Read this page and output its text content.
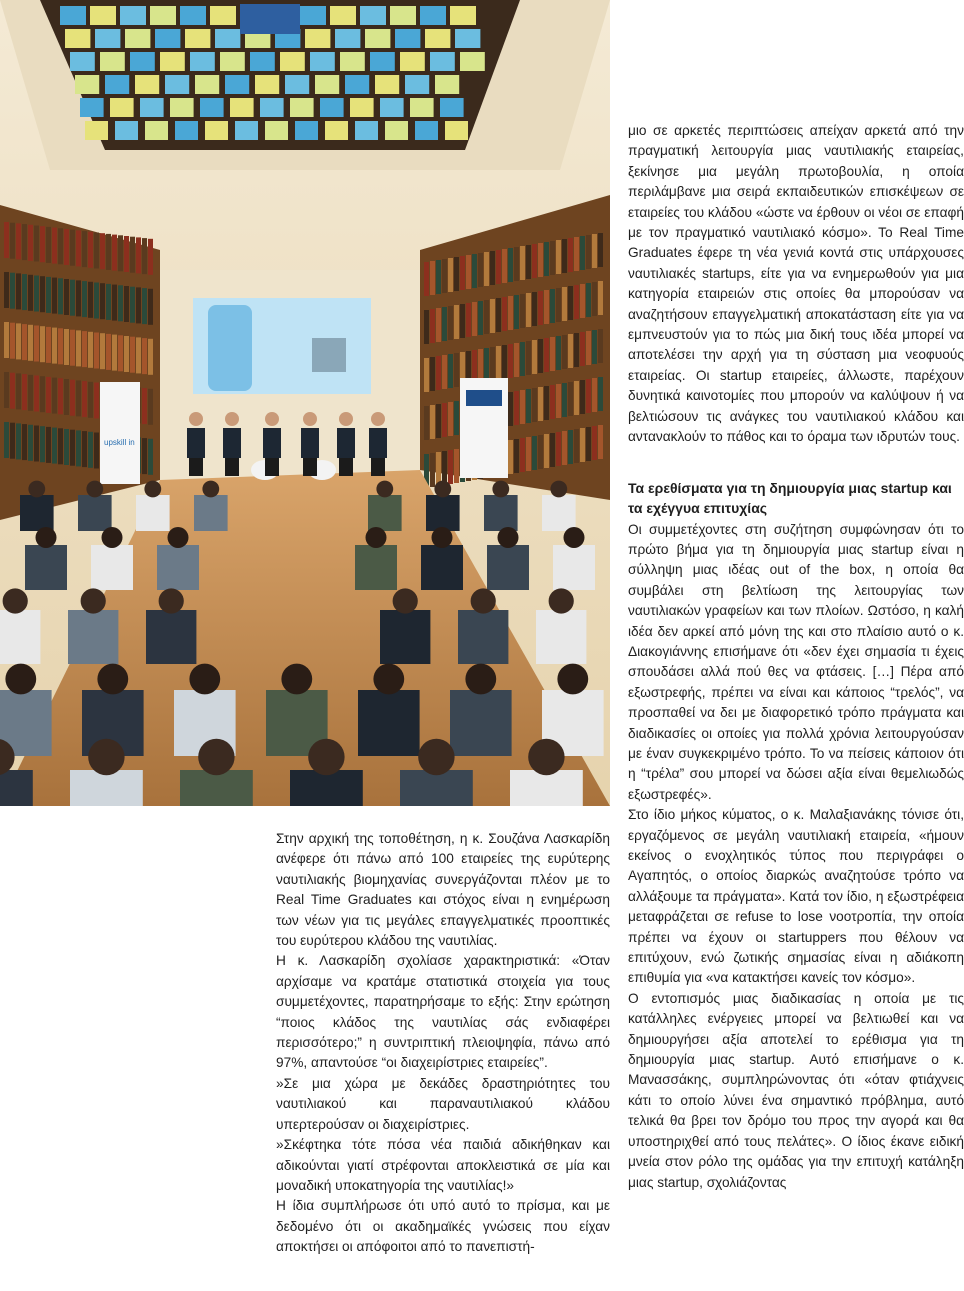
upskill in

μιο σε αρκετές περιπτώσεις απείχαν αρκετά από την πραγματική λειτουργία μιας ναυτιλιακής εταιρείας, ξεκίνησε μια μεγάλη πρωτοβουλία, η οποία περιλάμβανε μια σειρά εκπαιδευτικών επισκέψεων σε εταιρείες του κλάδου «ώστε να έρθουν οι νέοι σε επαφή με τον πραγματικό ναυτιλιακό κόσμο». Το Real Time Graduates έφερε τη νέα γενιά κοντά στις υπάρχουσες ναυτιλιακές startups, είτε για να ενημερωθούν για μια κατηγορία εταιρειών στις οποίες θα μπορούσαν να αναζητήσουν επαγγελματική αποκατάσταση είτε για να εμπνευστούν για το πώς μια δική τους ιδέα μπορεί να αποτελέσει την αρχή για τη σύσταση μια νεοφυούς εταιρείας. Οι startup εταιρείες, άλλωστε, παρέχουν δυνητικά καινοτομίες που μπορούν να καλύψουν ή να βελτιώσουν τις ανάγκες του ναυτιλιακού κλάδου και αντανακλούν το πάθος και το όραμα των ιδρυτών τους.

Τα ερεθίσματα για τη δημιουργία μιας startup και τα εχέγγυα επιτυχίας

Οι συμμετέχοντες στη συζήτηση συμφώνησαν ότι το πρώτο βήμα για τη δημιουργία μιας startup είναι η σύλληψη μιας ιδέας out of the box, η οποία θα συμβάλει στη βελτίωση της λειτουργίας των ναυτιλιακών γραφείων και των πλοίων. Ωστόσο, η καλή ιδέα δεν αρκεί από μόνη της και στο πλαίσιο αυτό ο κ. Διακογιάννης επισήμανε ότι «δεν έχει σημασία τι έχεις σπουδάσει αλλά πού θες να φτάσεις. […] Πέρα από εξωστρεφής, πρέπει να είναι και κάποιος “τρελός”, να προσπαθεί να δει με διαφορετικό τρόπο πράγματα και διαδικασίες οι οποίες για πολλά χρόνια λειτουργούσαν με έναν συγκεκριμένο τρόπο. Το να πείσεις κάποιον ότι η “τρέλα” σου μπορεί να δώσει αξία είναι θεμελιωδώς εξωστρεφές».

Στο ίδιο μήκος κύματος, ο κ. Μαλαξιανάκης τόνισε ότι, εργαζόμενος σε μεγάλη ναυτιλιακή εταιρεία, «ήμουν εκείνος ο ενοχλητικός τύπος που περιγράφει ο Αγαπητός, ο οποίος διαρκώς αναζητούσε τρόπο να αλλάξουμε τα πράγματα». Κατά τον ίδιο, η εξωστρέφεια μεταφράζεται σε refuse to lose νοοτροπία, την οποία πρέπει να έχουν οι startuppers που θέλουν να επιτύχουν, ενώ ζωτικής σημασίας είναι η αδιάκοπη επιθυμία για «να κατακτήσει κανείς τον κόσμο».

Ο εντοπισμός μιας διαδικασίας η οποία με τις κατάλληλες ενέργειες μπορεί να βελτιωθεί και να δημιουργήσει αξία αποτελεί το ερέθισμα για τη δημιουργία μιας startup. Αυτό επισήμανε ο κ. Μανασσάκης, συμπληρώνοντας ότι «όταν φτιάχνεις κάτι το οποίο λύνει ένα σημαντικό πρόβλημα, αυτό τελικά θα βρει τον δρόμο του προς την αγορά και θα υποστηριχθεί από τους πελάτες». Ο ίδιος έκανε ειδική μνεία στον ρόλο της ομάδας για την επιτυχή κατάληξη μιας startup, σχολιάζοντας

Στην αρχική της τοποθέτηση, η κ. Σουζάνα Λασκαρίδη ανέφερε ότι πάνω από 100 εταιρείες της ευρύτερης ναυτιλιακής βιομηχανίας συνεργάζονται πλέον με το Real Time Graduates και στόχος είναι η ενημέρωση των νέων για τις μεγάλες επαγγελματικές προοπτικές του ευρύτερου κλάδου της ναυτιλίας.

Η κ. Λασκαρίδη σχολίασε χαρακτηριστικά: «Όταν αρχίσαμε να κρατάμε στατιστικά στοιχεία για τους συμμετέχοντες, παρατηρήσαμε το εξής: Στην ερώτηση “ποιος κλάδος της ναυτιλίας σάς ενδιαφέρει περισσότερο;” η συντριπτική πλειοψηφία, πάνω από 97%, απαντούσε “οι διαχειρίστριες εταιρείες”.

»Σε μια χώρα με δεκάδες δραστηριότητες του ναυτιλιακού και παραναυτιλιακού κλάδου υπερτερούσαν οι διαχειρίστριες.

»Σκέφτηκα τότε πόσα νέα παιδιά αδικήθηκαν και αδικούνται γιατί στρέφονται αποκλειστικά σε μία και μοναδική υποκατηγορία της ναυτιλίας!»

Η ίδια συμπλήρωσε ότι υπό αυτό το πρίσμα, και με δεδομένο ότι οι ακαδημαϊκές γνώσεις που είχαν αποκτήσει οι απόφοιτοι από το πανεπιστή-
